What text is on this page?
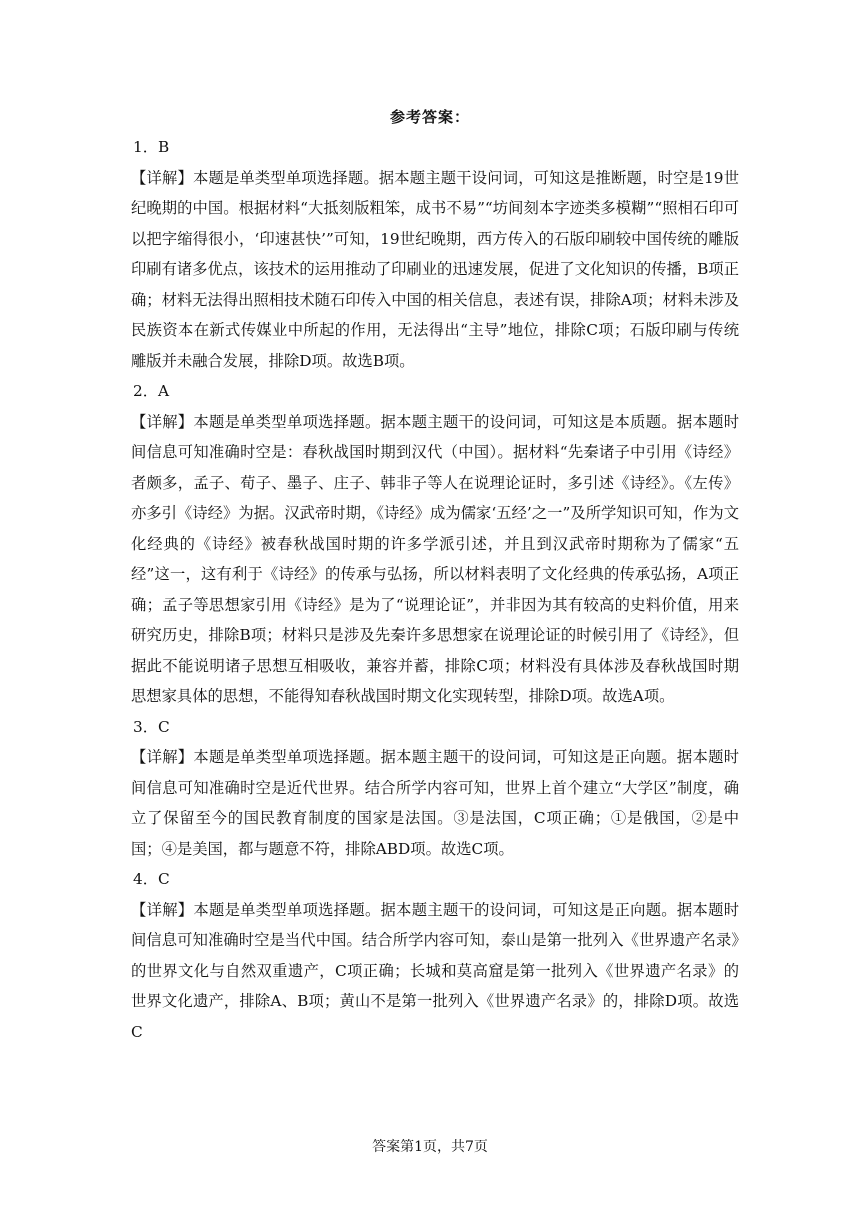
参考答案：

1．B

【详解】本题是单类型单项选择题。据本题主题干设问词，可知这是推断题，时空是19世纪晚期的中国。根据材料“大抵刻版粗笨，成书不易”“坊间刻本字迹类多模糊”“照相石印可以把字缩得很小，‘印速甚快’”可知，19世纪晚期，西方传入的石版印刷较中国传统的雕版印刷有诸多优点，该技术的运用推动了印刷业的迅速发展，促进了文化知识的传播，B项正确；材料无法得出照相技术随石印传入中国的相关信息，表述有误，排除A项；材料未涉及民族资本在新式传媒业中所起的作用，无法得出“主导”地位，排除C项；石版印刷与传统雕版并未融合发展，排除D项。故选B项。

2．A

【详解】本题是单类型单项选择题。据本题主题干的设问词，可知这是本质题。据本题时间信息可知准确时空是：春秋战国时期到汉代（中国）。据材料“先秦诸子中引用《诗经》者颇多，孟子、荀子、墨子、庄子、韩非子等人在说理论证时，多引述《诗经》。《左传》亦多引《诗经》为据。汉武帝时期，《诗经》成为儒家‘五经’之一”及所学知识可知，作为文化经典的《诗经》被春秋战国时期的许多学派引述，并且到汉武帝时期称为了儒家“五经”这一，这有利于《诗经》的传承与弘扬，所以材料表明了文化经典的传承弘扬，A项正确；孟子等思想家引用《诗经》是为了“说理论证”，并非因为其有较高的史料价值，用来研究历史，排除B项；材料只是涉及先秦许多思想家在说理论证的时候引用了《诗经》，但据此不能说明诸子思想互相吸收，兼容并蓄，排除C项；材料没有具体涉及春秋战国时期思想家具体的思想，不能得知春秋战国时期文化实现转型，排除D项。故选A项。

3．C

【详解】本题是单类型单项选择题。据本题主题干的设问词，可知这是正向题。据本题时间信息可知准确时空是近代世界。结合所学内容可知，世界上首个建立“大学区”制度，确立了保留至今的国民教育制度的国家是法国。③是法国，C项正确；①是俄国，②是中国；④是美国，都与题意不符，排除ABD项。故选C项。

4．C

【详解】本题是单类型单项选择题。据本题主题干的设问词，可知这是正向题。据本题时间信息可知准确时空是当代中国。结合所学内容可知，泰山是第一批列入《世界遗产名录》的世界文化与自然双重遗产，C项正确；长城和莫高窟是第一批列入《世界遗产名录》的世界文化遗产，排除A、B项；黄山不是第一批列入《世界遗产名录》的，排除D项。故选C

答案第1页，共7页
